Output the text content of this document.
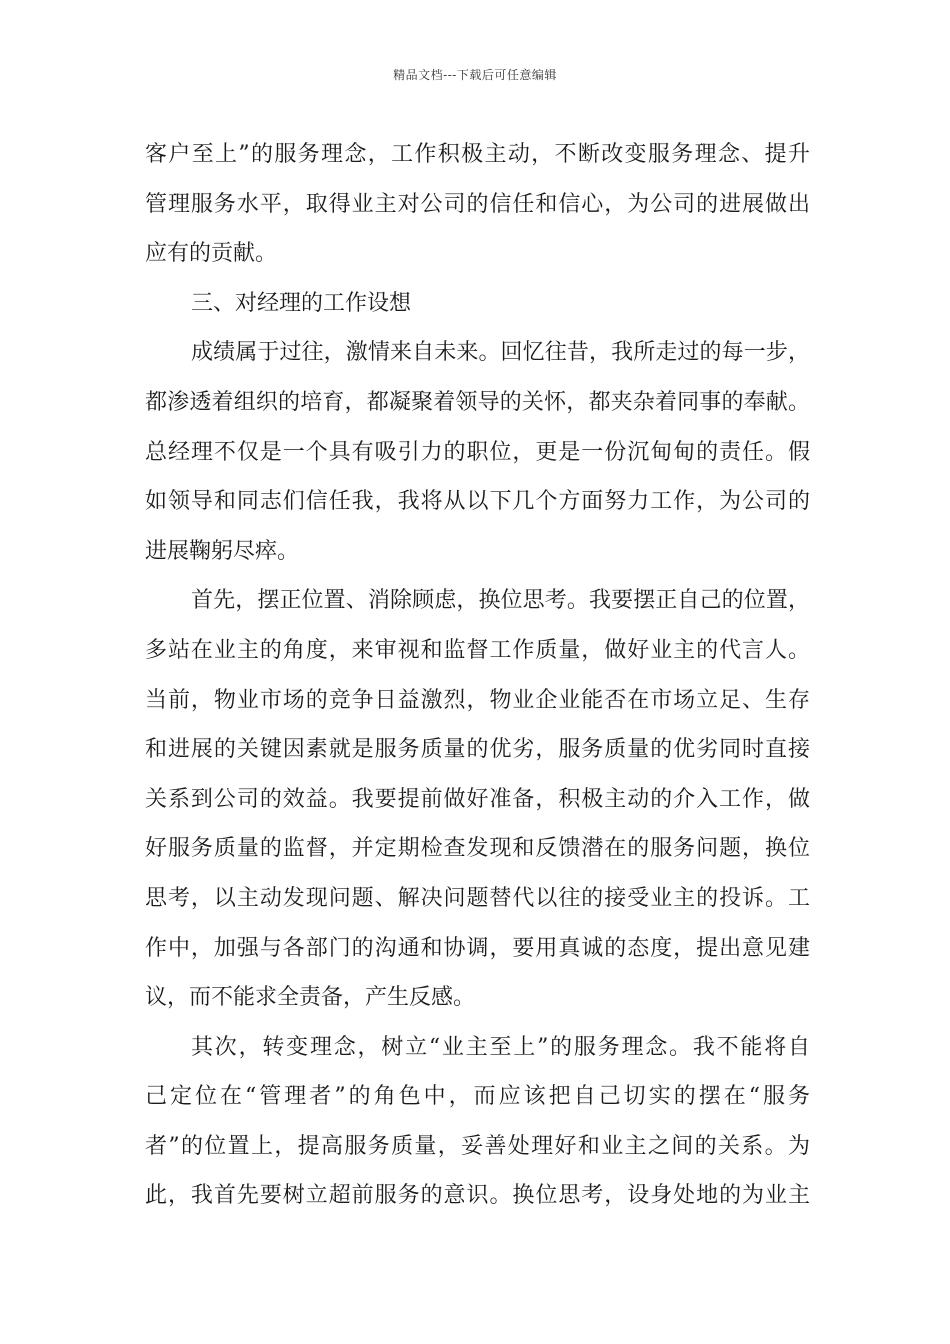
精品文档---下载后可任意编辑
客户至上”的服务理念，工作积极主动，不断改变服务理念、提升
管理服务水平，取得业主对公司的信任和信心，为公司的进展做出
应有的贡献。
三、对经理的工作设想
成绩属于过往，激情来自未来。回忆往昔，我所走过的每一步，
都渗透着组织的培育，都凝聚着领导的关怀，都夹杂着同事的奉献。
总经理不仅是一个具有吸引力的职位，更是一份沉甸甸的责任。假
如领导和同志们信任我，我将从以下几个方面努力工作，为公司的
进展鞠躬尽瘁。
首先，摆正位置、消除顾虑，换位思考。我要摆正自己的位置，
多站在业主的角度，来审视和监督工作质量，做好业主的代言人。
当前，物业市场的竞争日益激烈，物业企业能否在市场立足、生存
和进展的关键因素就是服务质量的优劣，服务质量的优劣同时直接
关系到公司的效益。我要提前做好准备，积极主动的介入工作，做
好服务质量的监督，并定期检查发现和反馈潜在的服务问题，换位
思考，以主动发现问题、解决问题替代以往的接受业主的投诉。工
作中，加强与各部门的沟通和协调，要用真诚的态度，提出意见建
议，而不能求全责备，产生反感。
其次，转变理念，树立“业主至上”的服务理念。我不能将自
己定位在“管理者”的角色中，而应该把自己切实的摆在“服务
者”的位置上，提高服务质量，妥善处理好和业主之间的关系。为
此，我首先要树立超前服务的意识。换位思考，设身处地的为业主
